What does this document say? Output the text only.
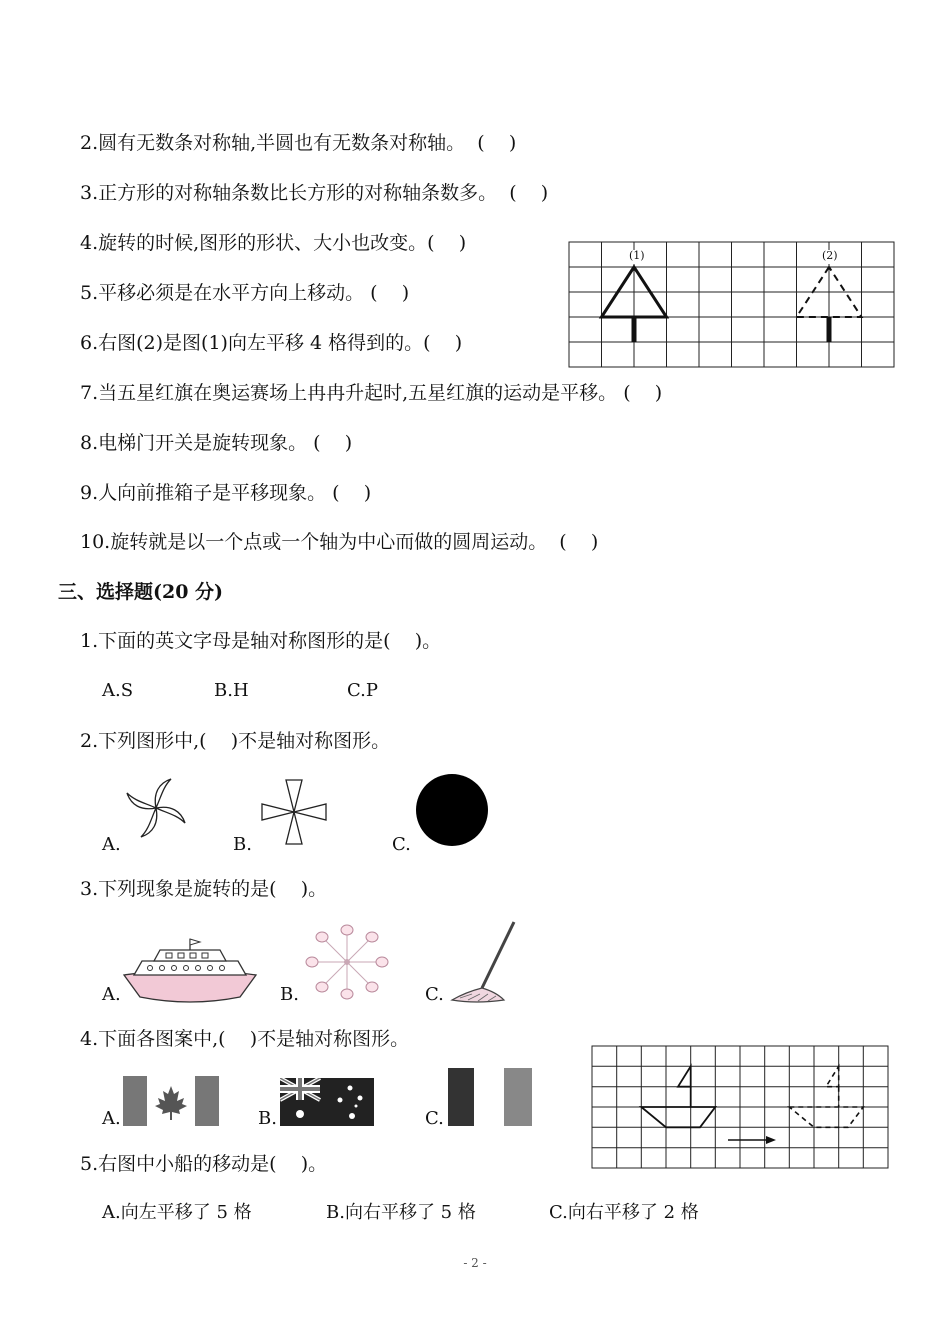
2.圆有无数条对称轴,半圆也有无数条对称轴。  (    )
3.正方形的对称轴条数比长方形的对称轴条数多。  (    )
4.旋转的时候,图形的形状、大小也改变。(    )
5.平移必须是在水平方向上移动。 (    )
6.右图(2)是图(1)向左平移 4 格得到的。(    )
7.当五星红旗在奥运赛场上冉冉升起时,五星红旗的运动是平移。 (    )
8.电梯门开关是旋转现象。 (    )
9.人向前推箱子是平移现象。 (    )
10.旋转就是以一个点或一个轴为中心而做的圆周运动。  (    )
(1)	(2)
三、选择题(20 分)
1.下面的英文字母是轴对称图形的是(    )。
A.S	B.H	C.P
2.下列图形中,(    )不是轴对称图形。
A.	B.	C.
3.下列现象是旋转的是(    )。
A.	B.	C.
4.下面各图案中,(    )不是轴对称图形。
A.	B.	C.
5.右图中小船的移动是(    )。
A.向左平移了 5 格	B.向右平移了 5 格	C.向右平移了 2 格
- 2 -
